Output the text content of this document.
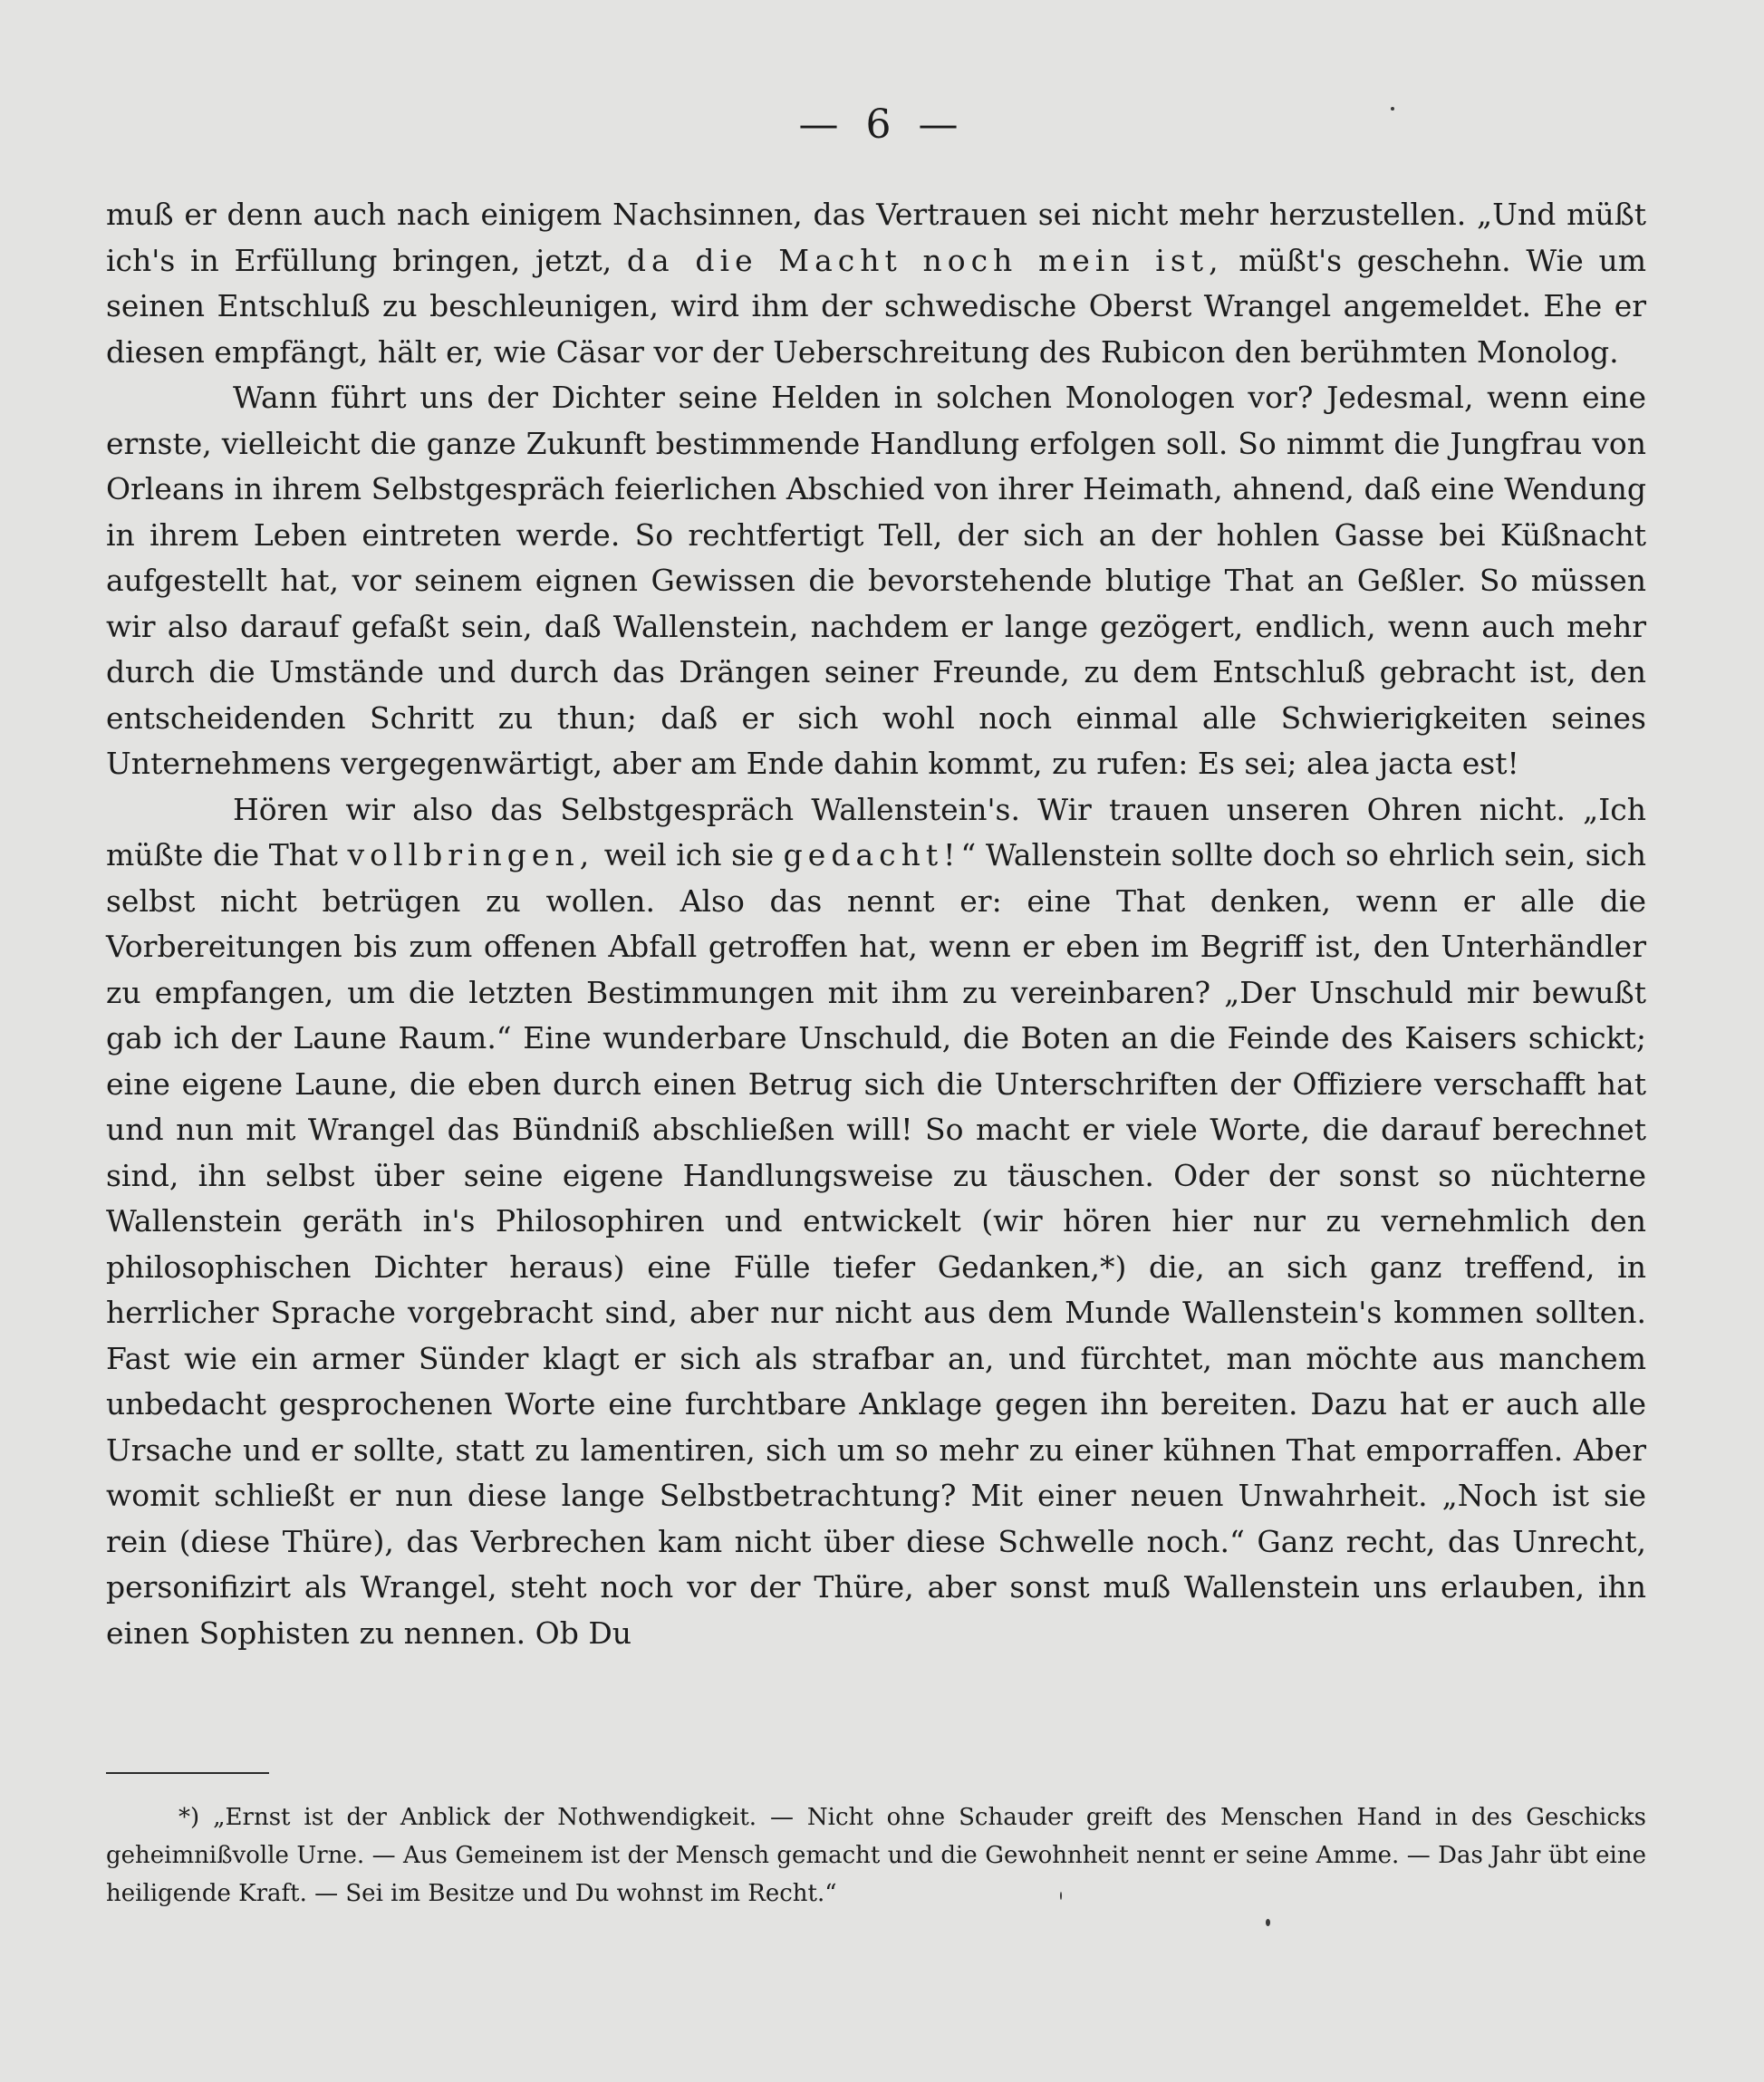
— 6 —

muß er denn auch nach einigem Nachsinnen, das Vertrauen sei nicht mehr herzustellen. „Und müßt ich's in Erfüllung bringen, jetzt, da die Macht noch mein ist, müßt's geschehn. Wie um seinen Entschluß zu beschleunigen, wird ihm der schwedische Oberst Wrangel angemeldet. Ehe er diesen empfängt, hält er, wie Cäsar vor der Ueberschreitung des Rubicon den berühmten Monolog.

Wann führt uns der Dichter seine Helden in solchen Monologen vor? Jedesmal, wenn eine ernste, vielleicht die ganze Zukunft bestimmende Handlung erfolgen soll. So nimmt die Jungfrau von Orleans in ihrem Selbstgespräch feierlichen Abschied von ihrer Heimath, ahnend, daß eine Wendung in ihrem Leben eintreten werde. So rechtfertigt Tell, der sich an der hohlen Gasse bei Küßnacht aufgestellt hat, vor seinem eignen Gewissen die bevorstehende blutige That an Geßler. So müssen wir also darauf gefaßt sein, daß Wallenstein, nachdem er lange gezögert, endlich, wenn auch mehr durch die Umstände und durch das Drängen seiner Freunde, zu dem Entschluß gebracht ist, den entscheidenden Schritt zu thun; daß er sich wohl noch einmal alle Schwierigkeiten seines Unternehmens vergegenwärtigt, aber am Ende dahin kommt, zu rufen: Es sei; alea jacta est!

Hören wir also das Selbstgespräch Wallenstein's. Wir trauen unseren Ohren nicht. „Ich müßte die That vollbringen, weil ich sie gedacht!“ Wallenstein sollte doch so ehrlich sein, sich selbst nicht betrügen zu wollen. Also das nennt er: eine That denken, wenn er alle die Vorbereitungen bis zum offenen Abfall getroffen hat, wenn er eben im Begriff ist, den Unterhändler zu empfangen, um die letzten Bestimmungen mit ihm zu vereinbaren? „Der Unschuld mir bewußt gab ich der Laune Raum.“ Eine wunderbare Unschuld, die Boten an die Feinde des Kaisers schickt; eine eigene Laune, die eben durch einen Betrug sich die Unterschriften der Offiziere verschafft hat und nun mit Wrangel das Bündniß abschließen will! So macht er viele Worte, die darauf berechnet sind, ihn selbst über seine eigene Handlungsweise zu täuschen. Oder der sonst so nüchterne Wallenstein geräth in's Philosophiren und entwickelt (wir hören hier nur zu vernehmlich den philosophischen Dichter heraus) eine Fülle tiefer Gedanken,*) die, an sich ganz treffend, in herrlicher Sprache vorgebracht sind, aber nur nicht aus dem Munde Wallenstein's kommen sollten. Fast wie ein armer Sünder klagt er sich als strafbar an, und fürchtet, man möchte aus manchem unbedacht gesprochenen Worte eine furchtbare Anklage gegen ihn bereiten. Dazu hat er auch alle Ursache und er sollte, statt zu lamentiren, sich um so mehr zu einer kühnen That emporraffen. Aber womit schließt er nun diese lange Selbstbetrachtung? Mit einer neuen Unwahrheit. „Noch ist sie rein (diese Thüre), das Verbrechen kam nicht über diese Schwelle noch.“ Ganz recht, das Unrecht, personifizirt als Wrangel, steht noch vor der Thüre, aber sonst muß Wallenstein uns erlauben, ihn einen Sophisten zu nennen. Ob Du

*) „Ernst ist der Anblick der Nothwendigkeit. — Nicht ohne Schauder greift des Menschen Hand in des Geschicks geheimnißvolle Urne. — Aus Gemeinem ist der Mensch gemacht und die Gewohnheit nennt er seine Amme. — Das Jahr übt eine heiligende Kraft. — Sei im Besitze und Du wohnst im Recht.“
